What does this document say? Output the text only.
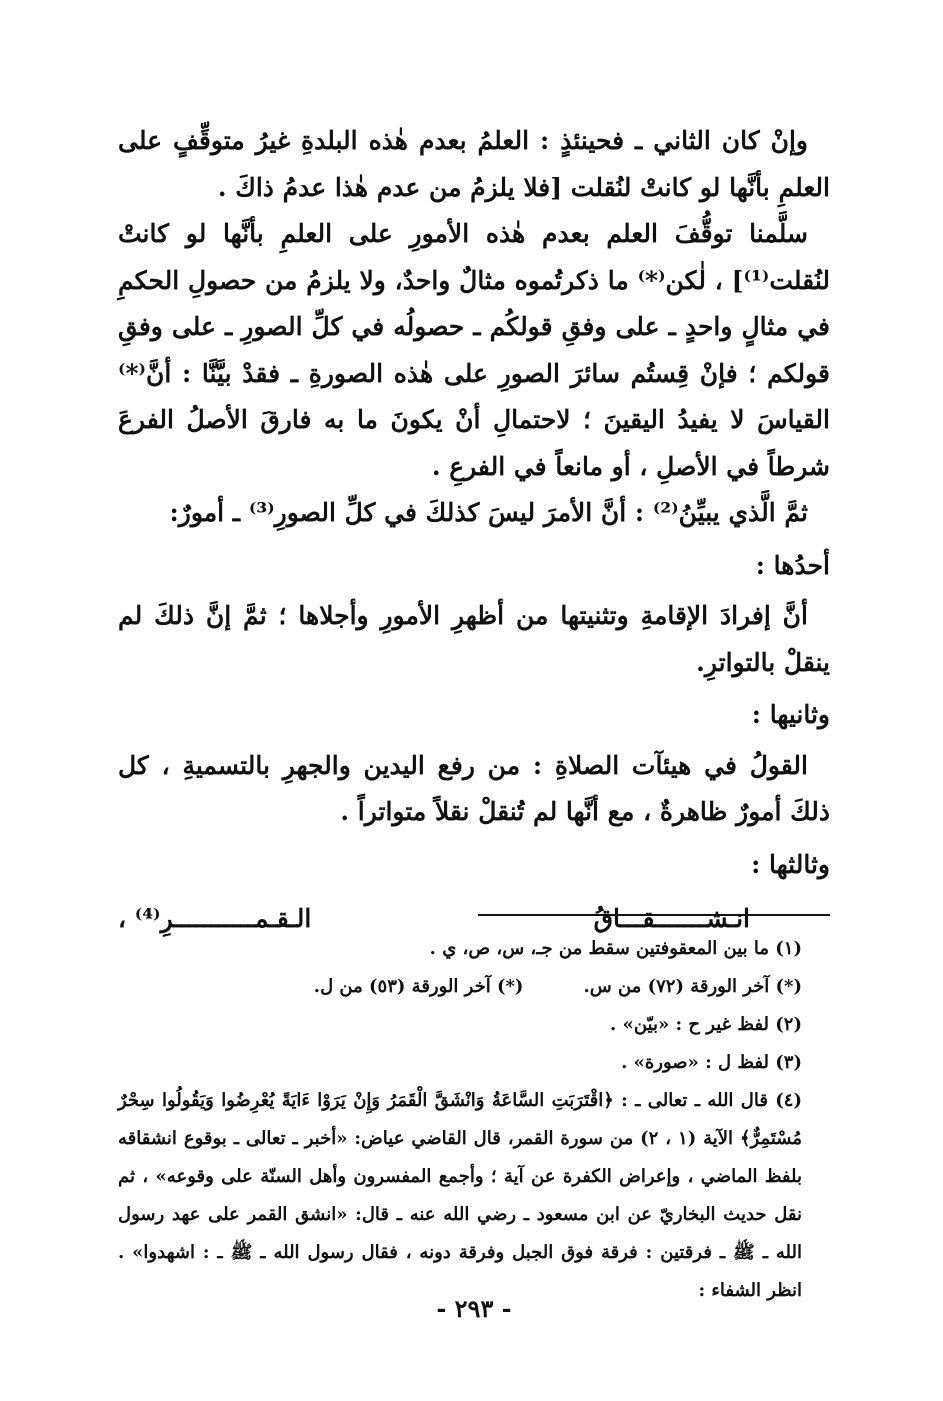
وإنْ كان الثاني ـ فحينئذٍ : العلمُ بعدم هٰذه البلدةِ غيرُ متوقِّفٍ على العلمِ بأنَّها لو كانتْ لنُقلت [فلا يلزمُ من عدم هٰذا عدمُ ذاكَ .

سلَّمنا توقُّفَ العلم بعدم هٰذه الأمورِ على العلمِ بأنَّها لو كانتْ لنُقلت⁽¹⁾] ، لٰكن⁽*⁾ ما ذكرتُموه مثالٌ واحدٌ، ولا يلزمُ من حصولِ الحكمِ في مثالٍ واحدٍ ـ على وفقِ قولكُم ـ حصولُه في كلِّ الصورِ ـ على وفقِ قولكم ؛ فإنْ قِستُم سائرَ الصورِ على هٰذه الصورةِ ـ فقدْ بيَّنَّا : أنَّ⁽*⁾ القياسَ لا يفيدُ اليقينَ ؛ لاحتمالِ أنْ يكونَ ما به فارقَ الأصلُ الفرعَ شرطاً في الأصلِ ، أو مانعاً في الفرعِ .

ثمَّ الَّذي يبيِّنُ⁽²⁾ : أنَّ الأمرَ ليسَ كذلكَ في كلِّ الصورِ⁽³⁾ ـ أمورٌ:

أحدُها :

أنَّ إفرادَ الإقامةِ وتثنيتها من أظهرِ الأمورِ وأجلاها ؛ ثمَّ إنَّ ذلكَ لم ينقلْ بالتواترِ.

وثانيها :

القولُ في هيئآت الصلاةِ : من رفع اليدين والجهرِ بالتسميةِ ، كل ذلكَ أمورٌ ظاهرةٌ ، مع أنَّها لم تُنقلْ نقلاً متواتراً .

وثالثها :

انـشـــــــقـــاقُ
الـقـمـــــــــــرِ⁽⁴⁾ ،

(١) ما بين المعقوفتين سقط من جـ، س، ص، ي .

(*) آخر الورقة (٧٢) من س.
(*) آخر الورقة (٥٣) من ل.

(٢) لفظ غير ح : «بيّن» .

(٣) لفظ ل : «صورة» .

(٤) قال الله ـ تعالى ـ : ﴿اقْتَرَبَتِ السَّاعَةُ وَانْشَقَّ الْقَمَرُ وَإِنْ يَرَوْا ءَايَةً يُعْرِضُوا وَيَقُولُوا سِحْرٌ مُسْتَمِرٌّ﴾ الآية (١ ، ٢) من سورة القمر، قال القاضي عياض: «أخبر ـ تعالى ـ بوقوع انشقاقه بلفظ الماضي ، وإعراض الكفرة عن آية ؛ وأجمع المفسرون وأهل السنّة على وقوعه» ، ثم نقل حديث البخاريّ عن ابن مسعود ـ رضي الله عنه ـ قال: «انشق القمر على عهد رسول الله ـ ﷺ ـ فرقتين : فرقة فوق الجبل وفرقة دونه ، فقال رسول الله ـ ﷺ ـ : اشهدوا» . انظر الشفاء :

- ٢٩٣ -
